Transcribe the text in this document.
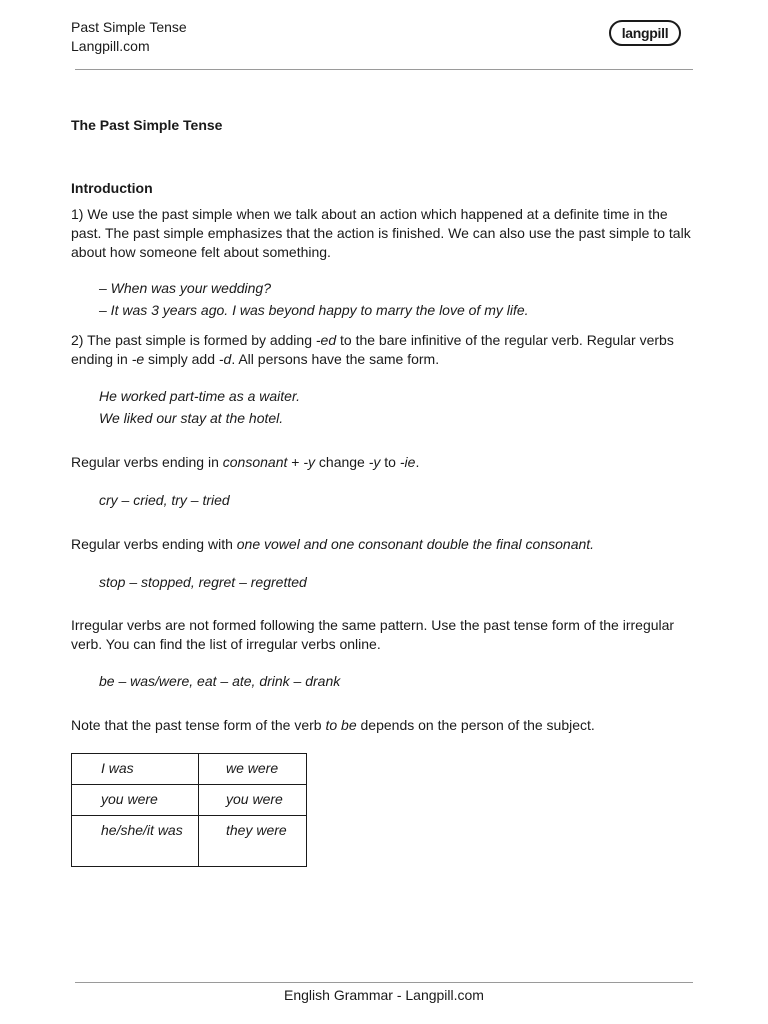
Past Simple Tense
Langpill.com
langpill
The Past Simple Tense
Introduction

1) We use the past simple when we talk about an action which happened at a definite time in the past. The past simple emphasizes that the action is finished. We can also use the past simple to talk about how someone felt about something.

– When was your wedding?
– It was 3 years ago. I was beyond happy to marry the love of my life.

2) The past simple is formed by adding -ed to the bare infinitive of the regular verb. Regular verbs ending in -e simply add -d. All persons have the same form.

He worked part-time as a waiter.
We liked our stay at the hotel.

Regular verbs ending in consonant + -y change -y to -ie.

cry – cried, try – tried

Regular verbs ending with one vowel and one consonant double the final consonant.

stop – stopped, regret – regretted

Irregular verbs are not formed following the same pattern. Use the past tense form of the irregular verb. You can find the list of irregular verbs online.

be – was/were, eat – ate, drink – drank

Note that the past tense form of the verb to be depends on the person of the subject.

I was	we were
you were	you were
he/she/it was	they were
English Grammar - Langpill.com
